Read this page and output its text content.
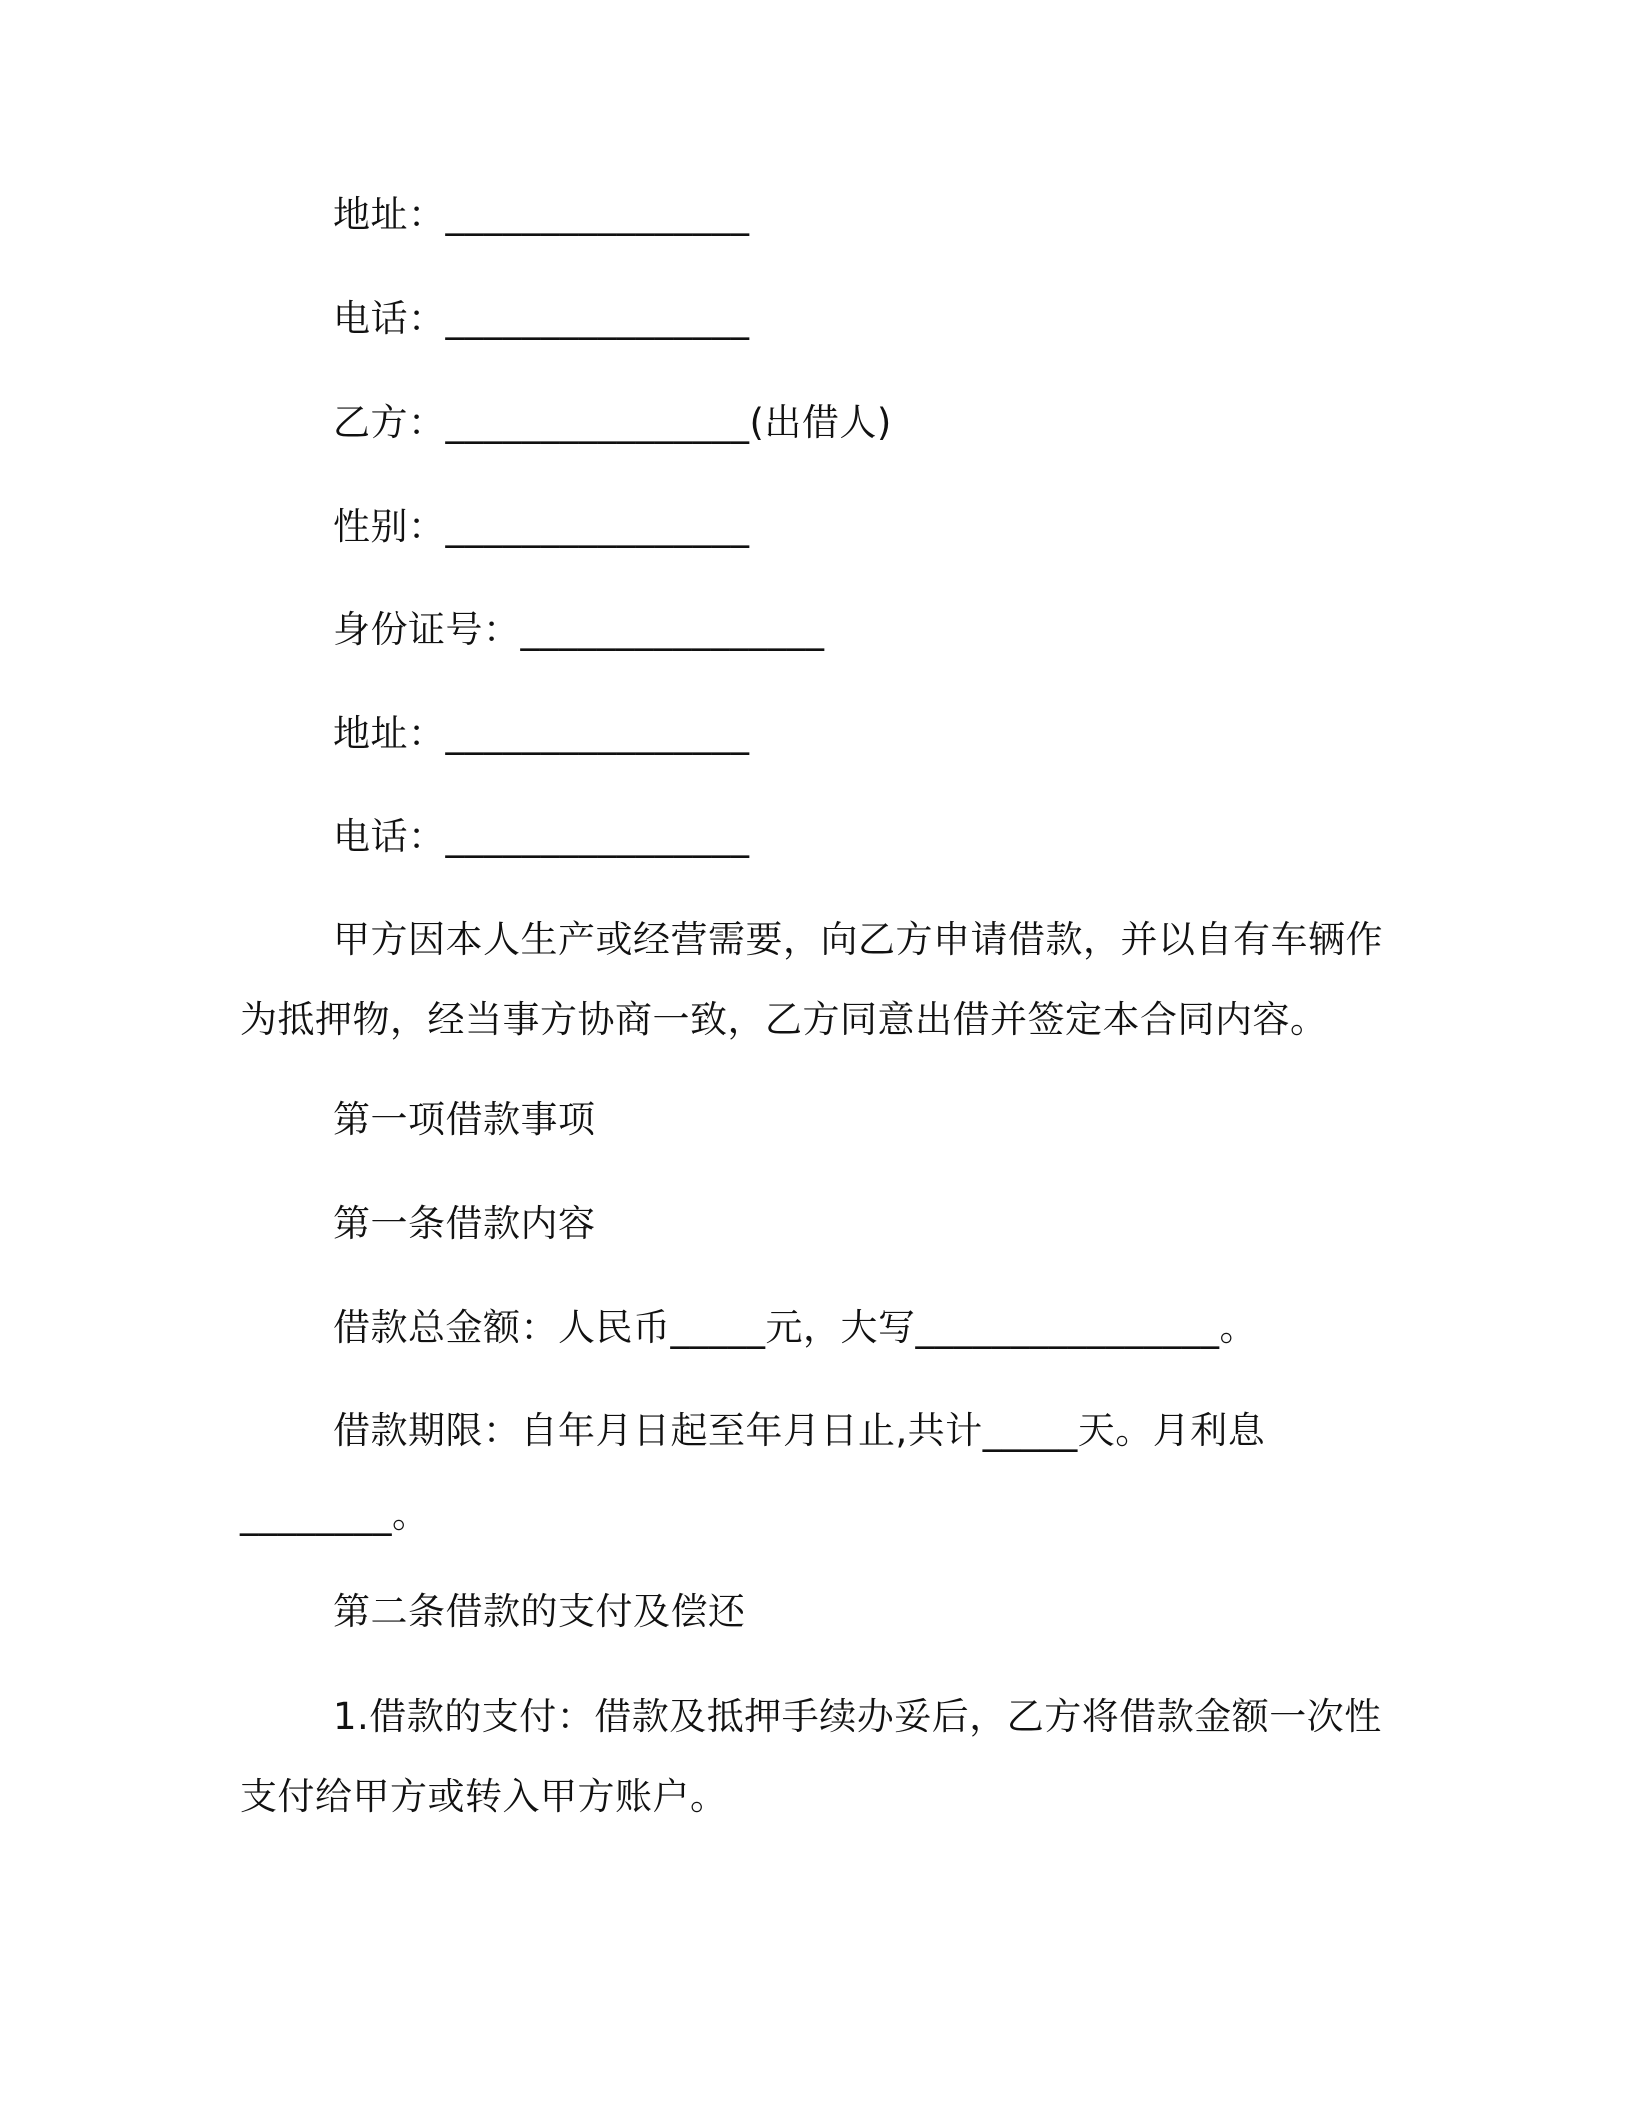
地址：________________
电话：________________
乙方：________________(出借人)
性别：________________
身份证号：________________
地址：________________
电话：________________
甲方因本人生产或经营需要，向乙方申请借款，并以自有车辆作
为抵押物，经当事方协商一致，乙方同意出借并签定本合同内容。
第一项借款事项
第一条借款内容
借款总金额：人民币_____元，大写________________。
借款期限：自年月日起至年月日止,共计_____天。月利息
________。
第二条借款的支付及偿还
1.借款的支付：借款及抵押手续办妥后，乙方将借款金额一次性
支付给甲方或转入甲方账户。
